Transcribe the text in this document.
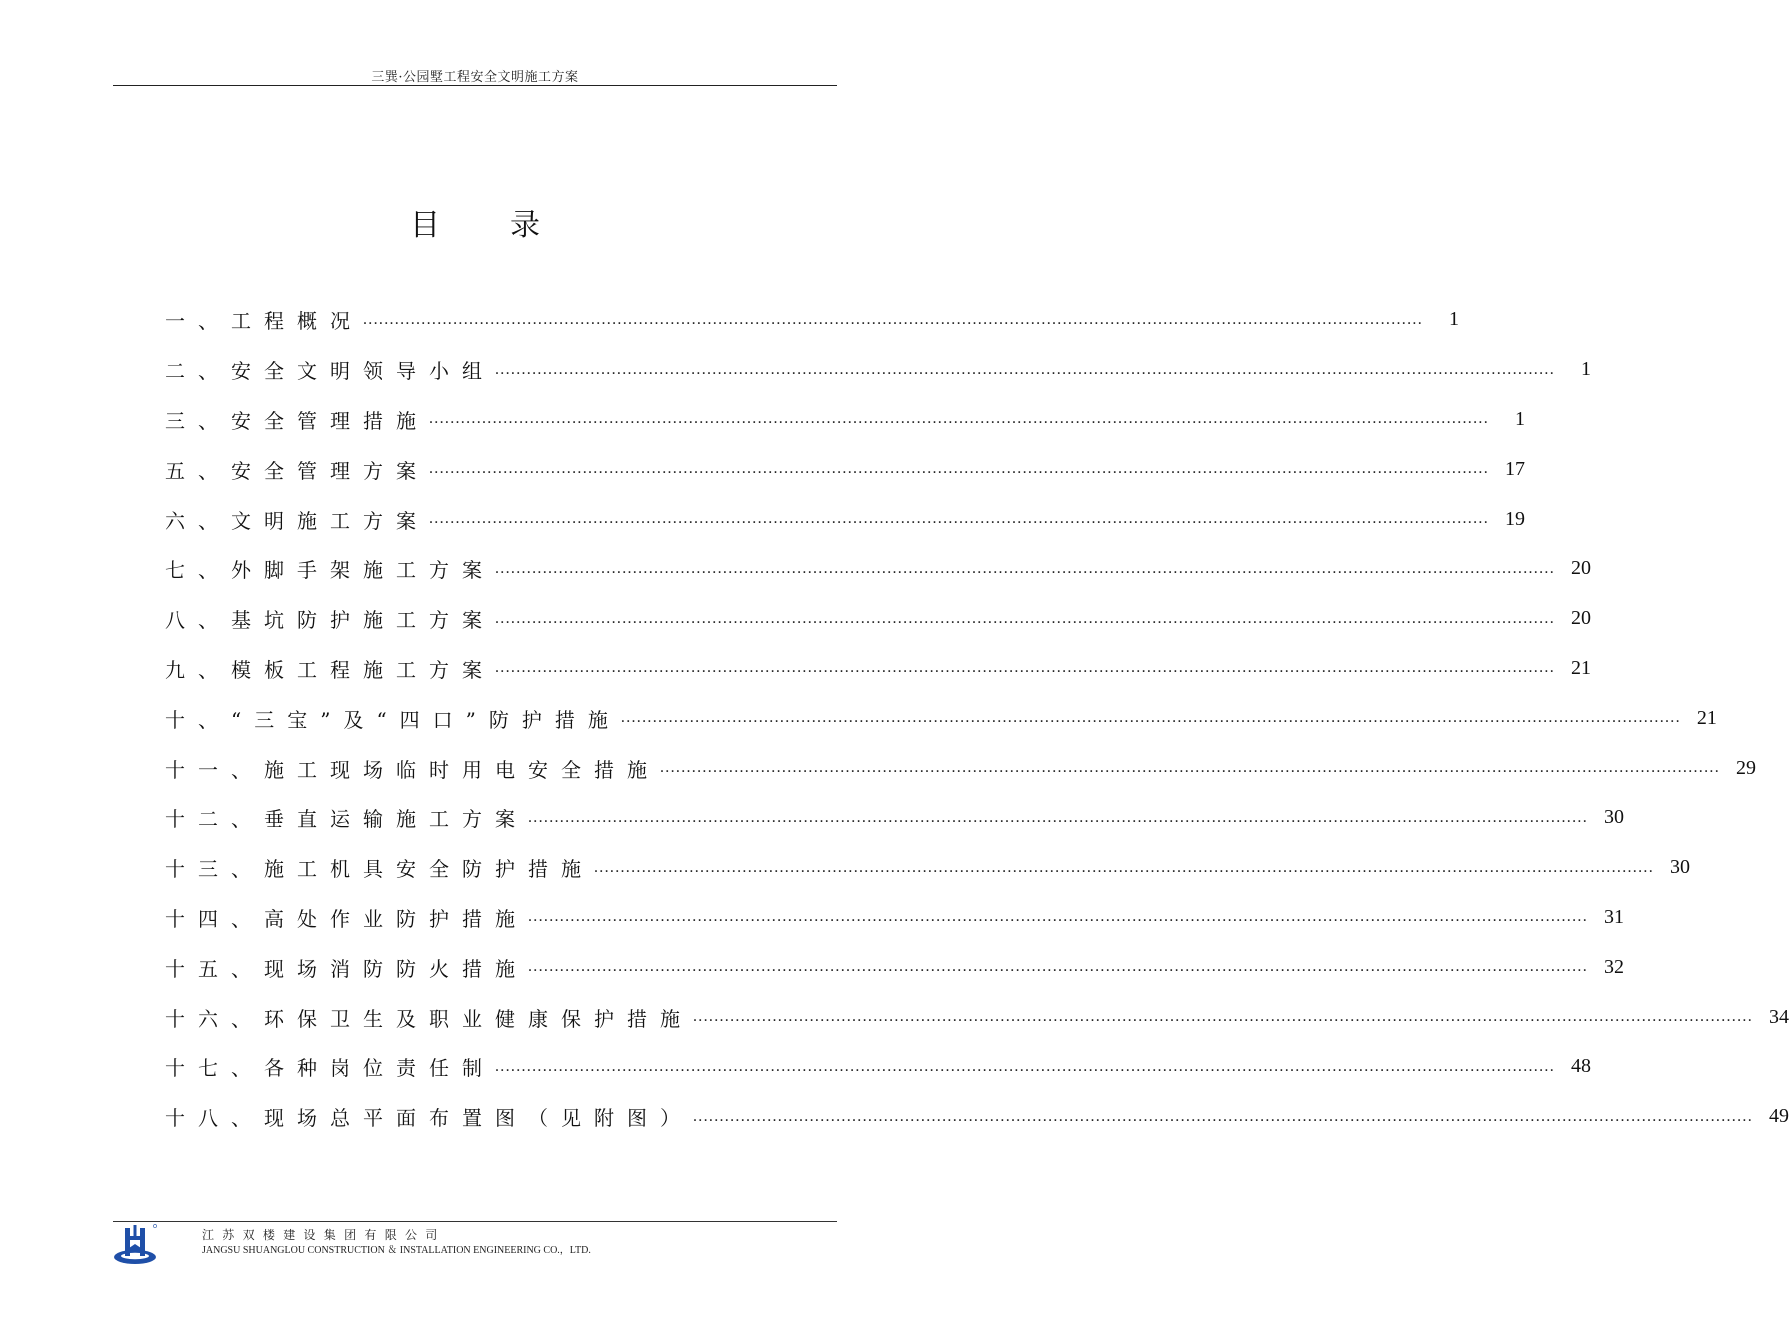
三巽·公园墅工程安全文明施工方案
目 录
一、工程概况 ........................................................................................................................................................................................................	1
二、安全文明领导小组 ........................................................................................................................................................................................................	1
三、安全管理措施 ........................................................................................................................................................................................................	1
五、安全管理方案 ........................................................................................................................................................................................................ 17
六、文明施工方案 ........................................................................................................................................................................................................ 19
七、外脚手架施工方案 ........................................................................................................................................................................................................ 20
八、基坑防护施工方案 ........................................................................................................................................................................................................ 20
九、模板工程施工方案 ........................................................................................................................................................................................................ 21
十、“三宝”及“四口”防护措施 ........................................................................................................................................................................................................ 21
十一、施工现场临时用电安全措施 ........................................................................................................................................................................................................ 29
十二、垂直运输施工方案 ........................................................................................................................................................................................................ 30
十三、施工机具安全防护措施 ........................................................................................................................................................................................................ 30
十四、高处作业防护措施 ........................................................................................................................................................................................................ 31
十五、现场消防防火措施 ........................................................................................................................................................................................................ 32
十六、环保卫生及职业健康保护措施 ........................................................................................................................................................................................................ 34
十七、各种岗位责任制 ........................................................................................................................................................................................................ 48
十八、现场总平面布置图（见附图） ........................................................................................................................................................................................................ 49
江苏双楼建设集团有限公司
JANGSU SHUANGLOU CONSTRUCTION ＆ INSTALLATION ENGINEERING CO.，LTD.
